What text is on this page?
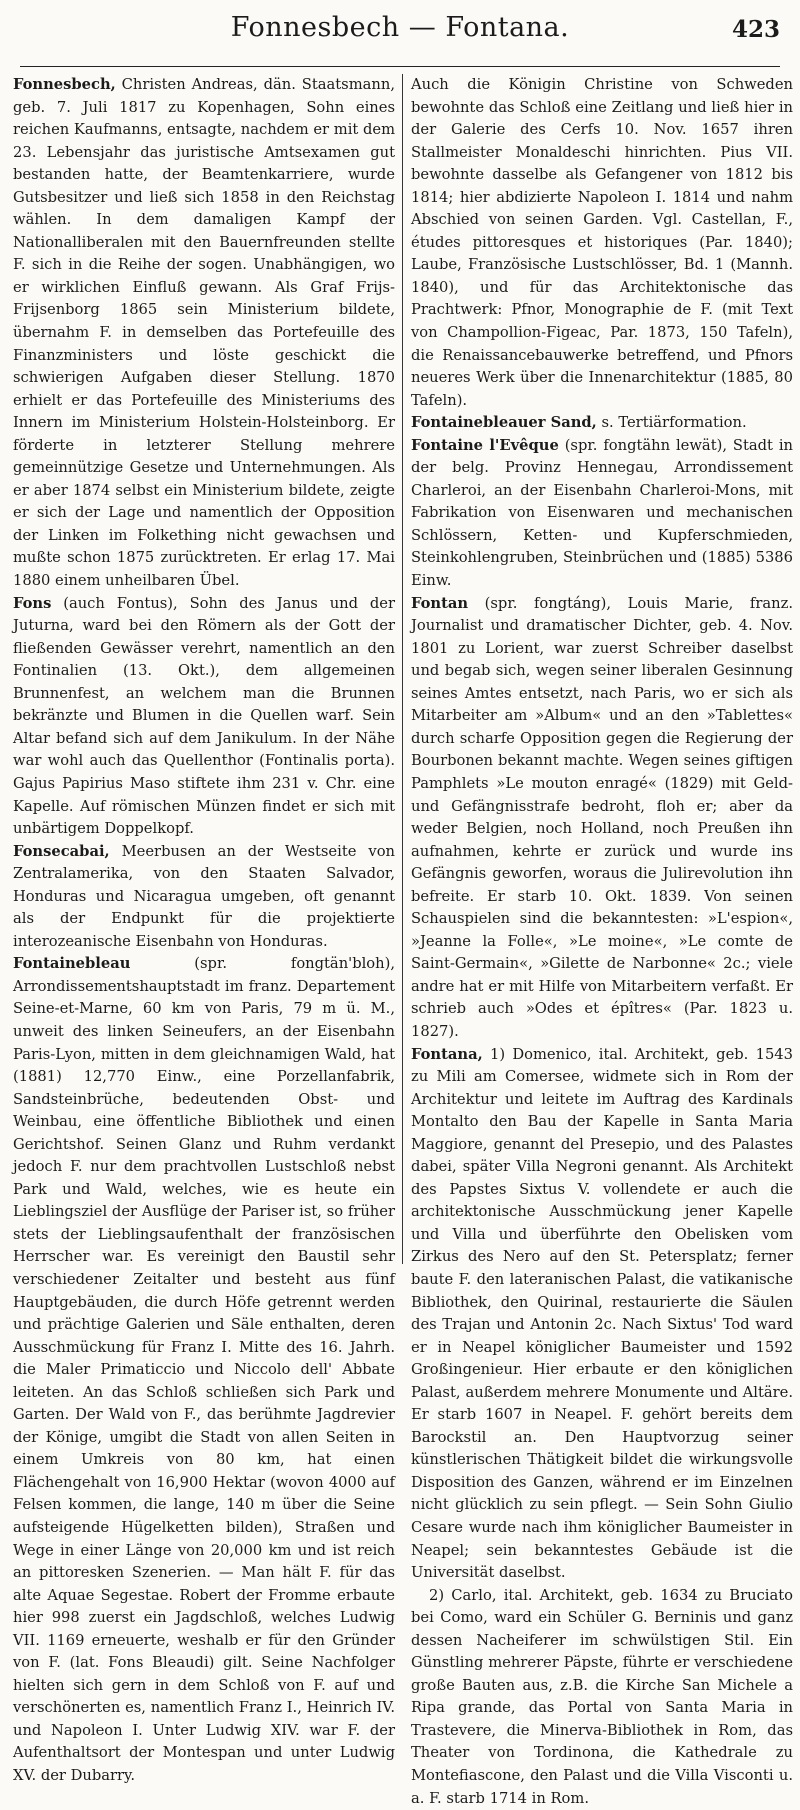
Fonnesbech — Fontana.	423

Fonnesbech, Christen Andreas, dän. Staatsmann, geb. 7. Juli 1817 zu Kopenhagen, Sohn eines reichen Kaufmanns, entsagte, nachdem er mit dem 23. Lebensjahr das juristische Amtsexamen gut bestanden hatte, der Beamtenkarriere, wurde Gutsbesitzer und ließ sich 1858 in den Reichstag wählen. In dem damaligen Kampf der Nationalliberalen mit den Bauernfreunden stellte F. sich in die Reihe der sogen. Unabhängigen, wo er wirklichen Einfluß gewann. Als Graf Frijs-Frijsenborg 1865 sein Ministerium bildete, übernahm F. in demselben das Portefeuille des Finanzministers und löste geschickt die schwierigen Aufgaben dieser Stellung. 1870 erhielt er das Portefeuille des Ministeriums des Innern im Ministerium Holstein-Holsteinborg. Er förderte in letzterer Stellung mehrere gemeinnützige Gesetze und Unternehmungen. Als er aber 1874 selbst ein Ministerium bildete, zeigte er sich der Lage und namentlich der Opposition der Linken im Folkething nicht gewachsen und mußte schon 1875 zurücktreten. Er erlag 17. Mai 1880 einem unheilbaren Übel.

Fons (auch Fontus), Sohn des Janus und der Juturna, ward bei den Römern als der Gott der fließenden Gewässer verehrt, namentlich an den Fontinalien (13. Okt.), dem allgemeinen Brunnenfest, an welchem man die Brunnen bekränzte und Blumen in die Quellen warf. Sein Altar befand sich auf dem Janikulum. In der Nähe war wohl auch das Quellenthor (Fontinalis porta). Gajus Papirius Maso stiftete ihm 231 v. Chr. eine Kapelle. Auf römischen Münzen findet er sich mit unbärtigem Doppelkopf.

Fonsecabai, Meerbusen an der Westseite von Zentralamerika, von den Staaten Salvador, Honduras und Nicaragua umgeben, oft genannt als der Endpunkt für die projektierte interozeanische Eisenbahn von Honduras.

Fontainebleau (spr. fongtän'bloh), Arrondissementshauptstadt im franz. Departement Seine-et-Marne, 60 km von Paris, 79 m ü. M., unweit des linken Seineufers, an der Eisenbahn Paris-Lyon, mitten in dem gleichnamigen Wald, hat (1881) 12,770 Einw., eine Porzellanfabrik, Sandsteinbrüche, bedeutenden Obst- und Weinbau, eine öffentliche Bibliothek und einen Gerichtshof. Seinen Glanz und Ruhm verdankt jedoch F. nur dem prachtvollen Lustschloß nebst Park und Wald, welches, wie es heute ein Lieblingsziel der Ausflüge der Pariser ist, so früher stets der Lieblingsaufenthalt der französischen Herrscher war. Es vereinigt den Baustil sehr verschiedener Zeitalter und besteht aus fünf Hauptgebäuden, die durch Höfe getrennt werden und prächtige Galerien und Säle enthalten, deren Ausschmückung für Franz I. Mitte des 16. Jahrh. die Maler Primaticcio und Niccolo dell' Abbate leiteten. An das Schloß schließen sich Park und Garten. Der Wald von F., das berühmte Jagdrevier der Könige, umgibt die Stadt von allen Seiten in einem Umkreis von 80 km, hat einen Flächengehalt von 16,900 Hektar (wovon 4000 auf Felsen kommen, die lange, 140 m über die Seine aufsteigende Hügelketten bilden), Straßen und Wege in einer Länge von 20,000 km und ist reich an pittoresken Szenerien. — Man hält F. für das alte Aquae Segestae. Robert der Fromme erbaute hier 998 zuerst ein Jagdschloß, welches Ludwig VII. 1169 erneuerte, weshalb er für den Gründer von F. (lat. Fons Bleaudi) gilt. Seine Nachfolger hielten sich gern in dem Schloß von F. auf und verschönerten es, namentlich Franz I., Heinrich IV. und Napoleon I. Unter Ludwig XIV. war F. der Aufenthaltsort der Montespan und unter Ludwig XV. der Dubarry.

Auch die Königin Christine von Schweden bewohnte das Schloß eine Zeitlang und ließ hier in der Galerie des Cerfs 10. Nov. 1657 ihren Stallmeister Monaldeschi hinrichten. Pius VII. bewohnte dasselbe als Gefangener von 1812 bis 1814; hier abdizierte Napoleon I. 1814 und nahm Abschied von seinen Garden. Vgl. Castellan, F., études pittoresques et historiques (Par. 1840); Laube, Französische Lustschlösser, Bd. 1 (Mannh. 1840), und für das Architektonische das Prachtwerk: Pfnor, Monographie de F. (mit Text von Champollion-Figeac, Par. 1873, 150 Tafeln), die Renaissancebauwerke betreffend, und Pfnors neueres Werk über die Innenarchitektur (1885, 80 Tafeln).

Fontainebleauer Sand, s. Tertiärformation.

Fontaine l'Evêque (spr. fongtähn lewät), Stadt in der belg. Provinz Hennegau, Arrondissement Charleroi, an der Eisenbahn Charleroi-Mons, mit Fabrikation von Eisenwaren und mechanischen Schlössern, Ketten- und Kupferschmieden, Steinkohlengruben, Steinbrüchen und (1885) 5386 Einw.

Fontan (spr. fongtáng), Louis Marie, franz. Journalist und dramatischer Dichter, geb. 4. Nov. 1801 zu Lorient, war zuerst Schreiber daselbst und begab sich, wegen seiner liberalen Gesinnung seines Amtes entsetzt, nach Paris, wo er sich als Mitarbeiter am »Album« und an den »Tablettes« durch scharfe Opposition gegen die Regierung der Bourbonen bekannt machte. Wegen seines giftigen Pamphlets »Le mouton enragé« (1829) mit Geld- und Gefängnisstrafe bedroht, floh er; aber da weder Belgien, noch Holland, noch Preußen ihn aufnahmen, kehrte er zurück und wurde ins Gefängnis geworfen, woraus die Julirevolution ihn befreite. Er starb 10. Okt. 1839. Von seinen Schauspielen sind die bekanntesten: »L'espion«, »Jeanne la Folle«, »Le moine«, »Le comte de Saint-Germain«, »Gilette de Narbonne« 2c.; viele andre hat er mit Hilfe von Mitarbeitern verfaßt. Er schrieb auch »Odes et épîtres« (Par. 1823 u. 1827).

Fontana, 1) Domenico, ital. Architekt, geb. 1543 zu Mili am Comersee, widmete sich in Rom der Architektur und leitete im Auftrag des Kardinals Montalto den Bau der Kapelle in Santa Maria Maggiore, genannt del Presepio, und des Palastes dabei, später Villa Negroni genannt. Als Architekt des Papstes Sixtus V. vollendete er auch die architektonische Ausschmückung jener Kapelle und Villa und überführte den Obelisken vom Zirkus des Nero auf den St. Petersplatz; ferner baute F. den lateranischen Palast, die vatikanische Bibliothek, den Quirinal, restaurierte die Säulen des Trajan und Antonin 2c. Nach Sixtus' Tod ward er in Neapel königlicher Baumeister und 1592 Großingenieur. Hier erbaute er den königlichen Palast, außerdem mehrere Monumente und Altäre. Er starb 1607 in Neapel. F. gehört bereits dem Barockstil an. Den Hauptvorzug seiner künstlerischen Thätigkeit bildet die wirkungsvolle Disposition des Ganzen, während er im Einzelnen nicht glücklich zu sein pflegt. — Sein Sohn Giulio Cesare wurde nach ihm königlicher Baumeister in Neapel; sein bekanntestes Gebäude ist die Universität daselbst.

2) Carlo, ital. Architekt, geb. 1634 zu Bruciato bei Como, ward ein Schüler G. Berninis und ganz dessen Nacheiferer im schwülstigen Stil. Ein Günstling mehrerer Päpste, führte er verschiedene große Bauten aus, z.B. die Kirche San Michele a Ripa grande, das Portal von Santa Maria in Trastevere, die Minerva-Bibliothek in Rom, das Theater von Tordinona, die Kathedrale zu Montefiascone, den Palast und die Villa Visconti u. a. F. starb 1714 in Rom.
